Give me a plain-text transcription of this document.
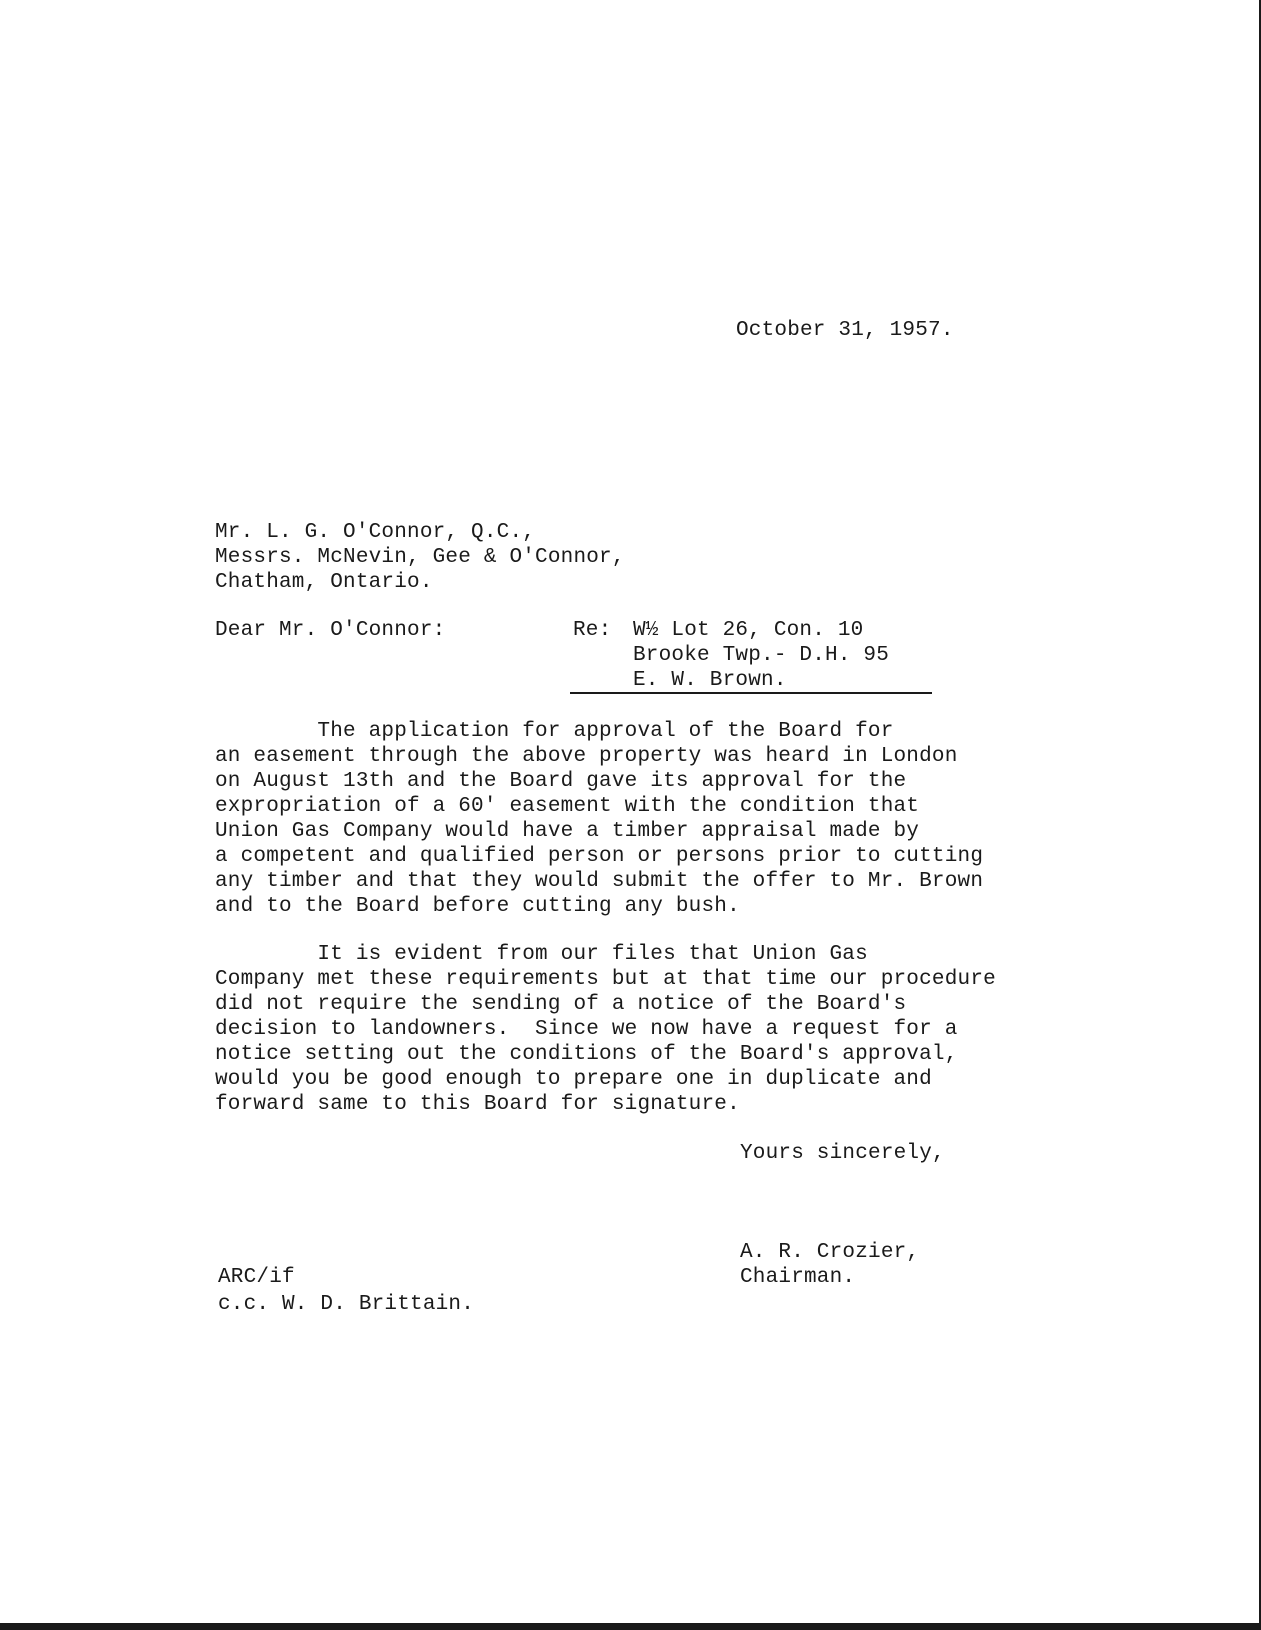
October 31, 1957.
Mr. L. G. O'Connor, Q.C.,
Messrs. McNevin, Gee & O'Connor,
Chatham, Ontario.
Dear Mr. O'Connor:	Re: W½ Lot 26, Con. 10
Brooke Twp.- D.H. 95
E. W. Brown.
The application for approval of the Board for
an easement through the above property was heard in London
on August 13th and the Board gave its approval for the
expropriation of a 60' easement with the condition that
Union Gas Company would have a timber appraisal made by
a competent and qualified person or persons prior to cutting
any timber and that they would submit the offer to Mr. Brown
and to the Board before cutting any bush.
It is evident from our files that Union Gas
Company met these requirements but at that time our procedure
did not require the sending of a notice of the Board's
decision to landowners.  Since we now have a request for a
notice setting out the conditions of the Board's approval,
would you be good enough to prepare one in duplicate and
forward same to this Board for signature.
Yours sincerely,
A. R. Crozier,
Chairman.
ARC/if
c.c. W. D. Brittain.
